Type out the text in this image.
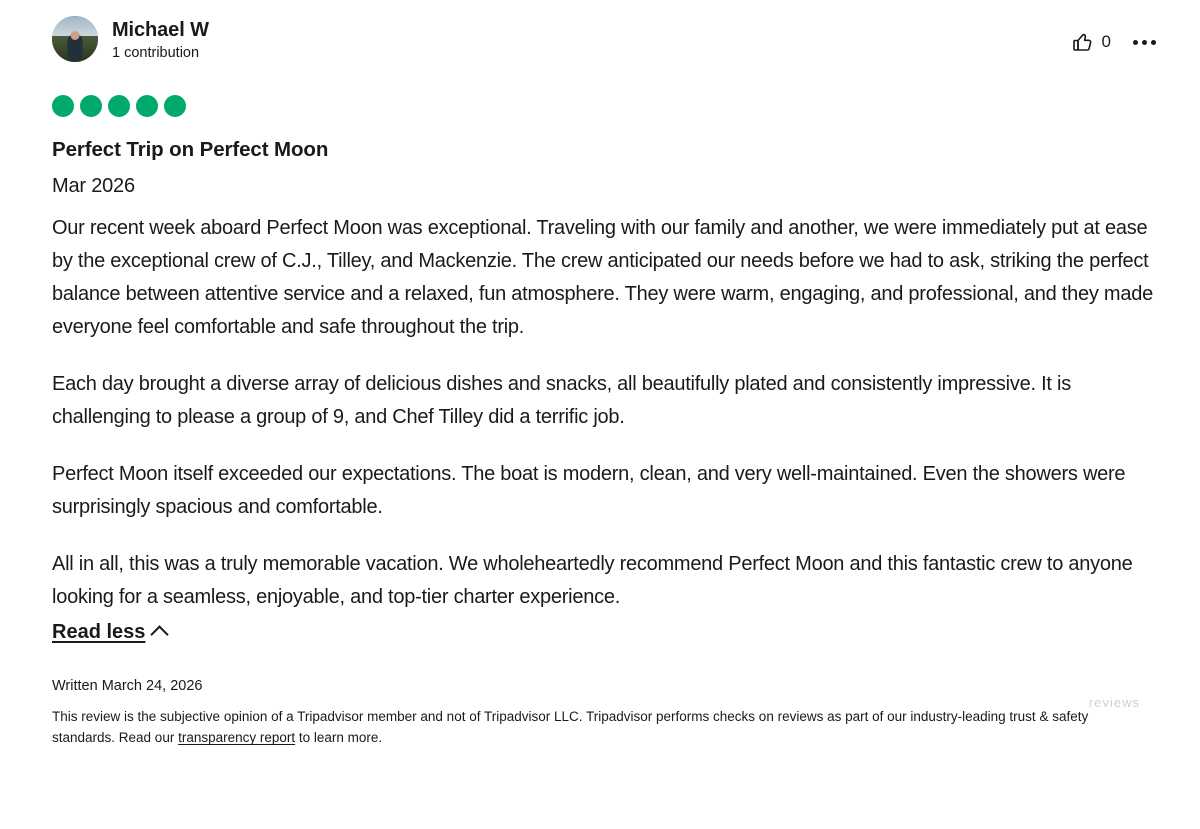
Michael W
1 contribution
0
Perfect Trip on Perfect Moon
Mar 2026

Our recent week aboard Perfect Moon was exceptional. Traveling with our family and another, we were immediately put at ease by the exceptional crew of C.J., Tilley, and Mackenzie. The crew anticipated our needs before we had to ask, striking the perfect balance between attentive service and a relaxed, fun atmosphere. They were warm, engaging, and professional, and they made everyone feel comfortable and safe throughout the trip.

Each day brought a diverse array of delicious dishes and snacks, all beautifully plated and consistently impressive. It is challenging to please a group of 9, and Chef Tilley did a terrific job.

Perfect Moon itself exceeded our expectations. The boat is modern, clean, and very well-maintained. Even the showers were surprisingly spacious and comfortable.

All in all, this was a truly memorable vacation. We wholeheartedly recommend Perfect Moon and this fantastic crew to anyone looking for a seamless, enjoyable, and top-tier charter experience.

Read less
Written March 24, 2026
This review is the subjective opinion of a Tripadvisor member and not of Tripadvisor LLC. Tripadvisor performs checks on reviews as part of our industry-leading trust & safety standards. Read our transparency report to learn more.
reviews
